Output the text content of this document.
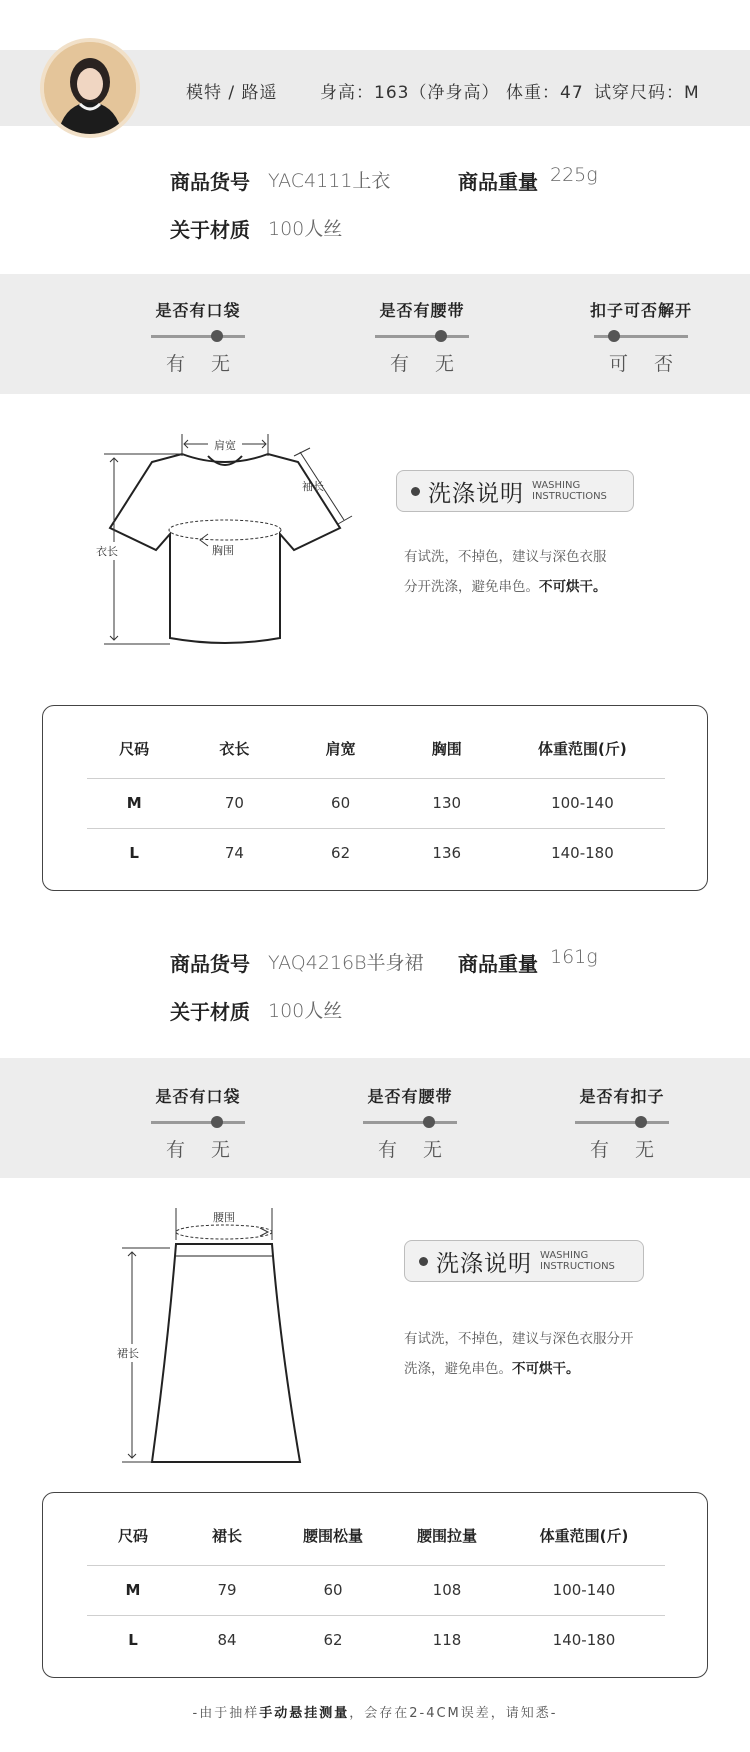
模特 / 路遥 身高：163（净身高） 体重：47 试穿尺码：M
商品货号 YAC4111上衣	商品重量 225g
关于材质 100人丝
是否有口袋
有 无
是否有腰带
有 无
扣子可否解开
可 否
肩宽
袖长
衣长	胸围
洗涤说明 WASHING
INSTRUCTIONS
有试洗，不掉色，建议与深色衣服
分开洗涤，避免串色。不可烘干。
尺码	衣长	肩宽	胸围	体重范围(斤)
M	70	60	130	100-140
L	74	62	136	140-180
商品货号 YAQ4216B半身裙 商品重量 161g
关于材质 100人丝
是否有口袋
有 无
是否有腰带
有 无
是否有扣子
有 无
腰围
裙长
洗涤说明 WASHING
INSTRUCTIONS
有试洗，不掉色，建议与深色衣服分开
洗涤，避免串色。不可烘干。
尺码	裙长	腰围松量	腰围拉量	体重范围(斤)
M	79	60	108	100-140
L	84	62	118	140-180
-由于抽样手动悬挂测量，会存在2-4CM误差，请知悉-
